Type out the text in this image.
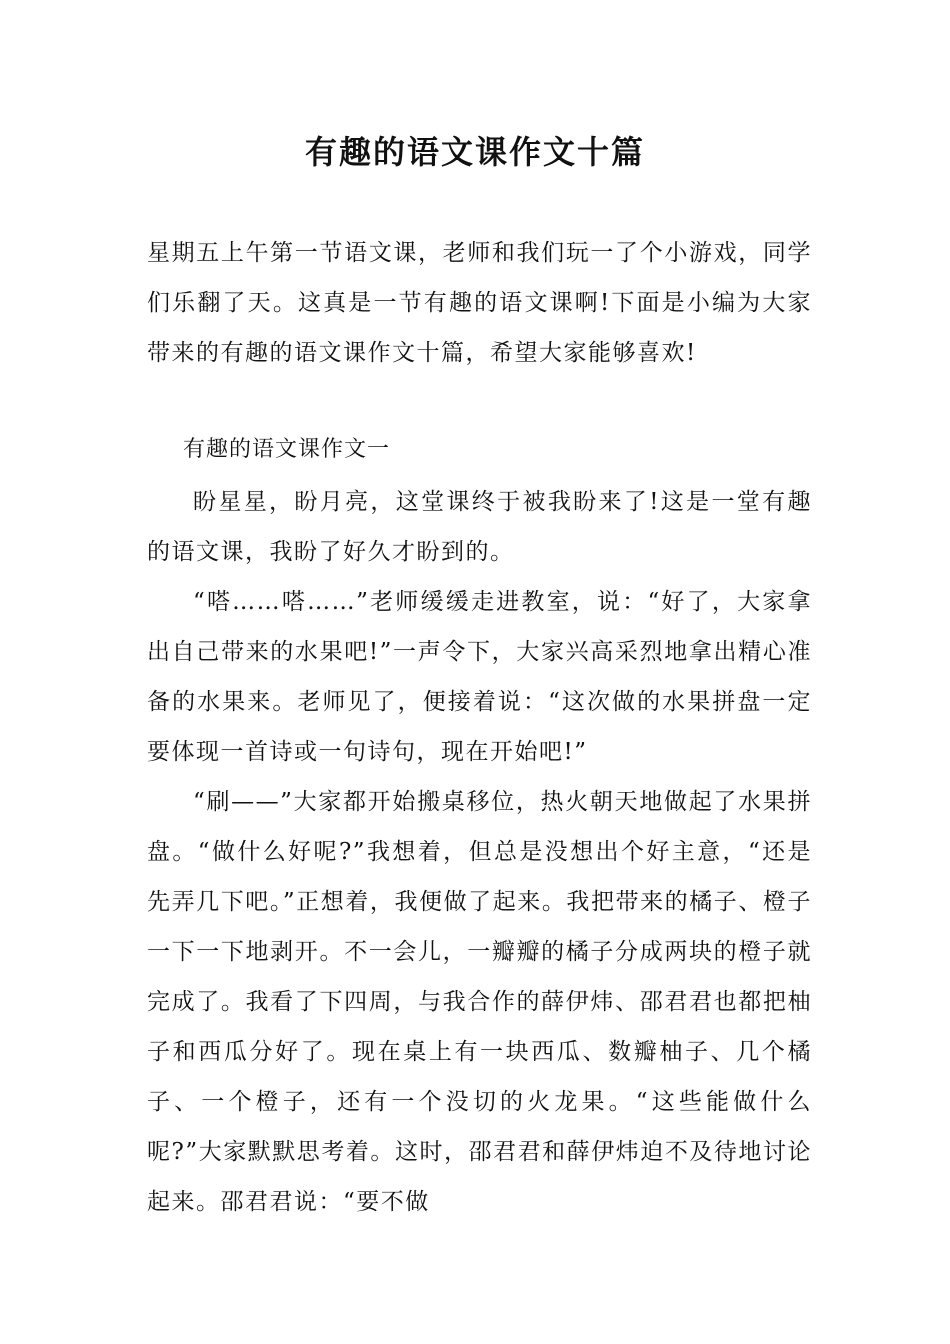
有趣的语文课作文十篇
星期五上午第一节语文课，老师和我们玩一了个小游戏，同学们乐翻了天。这真是一节有趣的语文课啊!下面是小编为大家带来的有趣的语文课作文十篇，希望大家能够喜欢!
有趣的语文课作文一

盼星星，盼月亮，这堂课终于被我盼来了!这是一堂有趣的语文课，我盼了好久才盼到的。

“嗒……嗒……”老师缓缓走进教室，说：“好了，大家拿出自己带来的水果吧!”一声令下，大家兴高采烈地拿出精心准备的水果来。老师见了，便接着说：“这次做的水果拼盘一定要体现一首诗或一句诗句，现在开始吧!”

“刷——”大家都开始搬桌移位，热火朝天地做起了水果拼盘。“做什么好呢?”我想着，但总是没想出个好主意，“还是先弄几下吧。”正想着，我便做了起来。我把带来的橘子、橙子一下一下地剥开。不一会儿，一瓣瓣的橘子分成两块的橙子就完成了。我看了下四周，与我合作的薛伊炜、邵君君也都把柚子和西瓜分好了。现在桌上有一块西瓜、数瓣柚子、几个橘子、一个橙子，还有一个没切的火龙果。“这些能做什么呢?”大家默默思考着。这时，邵君君和薛伊炜迫不及待地讨论起来。邵君君说：“要不做
